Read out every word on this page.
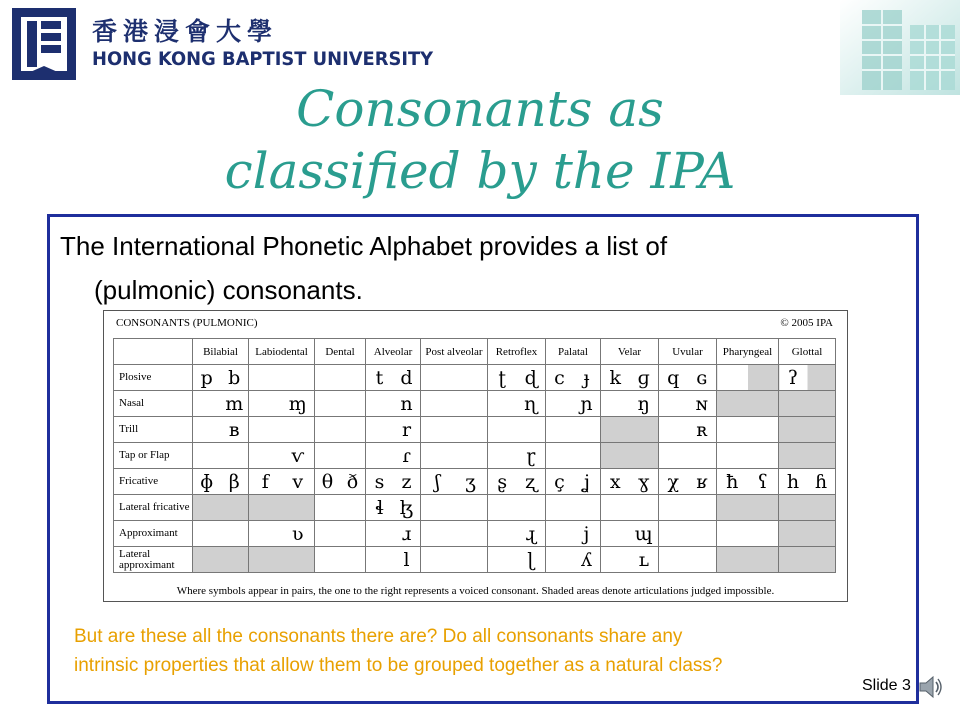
香港浸會大學
HONG KONG BAPTIST UNIVERSITY
Consonants as
classified by the IPA
The International Phonetic Alphabet provides a list of
(pulmonic) consonants.
CONSONANTS (PULMONIC)	© 2005 IPA
	Bilabial	Labiodental	Dental	Alveolar	Post alveolar	Retroflex	Palatal	Velar	Uvular	Pharyngeal	Glottal
Plosive	p b			t d		ʈ ɖ	c ɟ	k ɡ	q ɢ		ʔ
Nasal	m	ɱ		n		ɳ	ɲ	ŋ	ɴ		
Trill	ʙ			r					ʀ		
Tap or Flap		ⱱ		ɾ		ɽ					
Fricative	ɸ β	f v	θ ð	s z	ʃ ʒ	ʂ ʐ	ç ʝ	x ɣ	χ ʁ	ħ ʕ	h ɦ
Lateral fricative				ɬ ɮ							
Approximant		ʋ		ɹ		ɻ	j	ɰ			
Lateral approximant				l		ɭ	ʎ	ʟ			
Where symbols appear in pairs, the one to the right represents a voiced consonant. Shaded areas denote articulations judged impossible.
But are these all the consonants there are? Do all consonants share any
intrinsic properties that allow them to be grouped together as a natural class?
Slide 3
